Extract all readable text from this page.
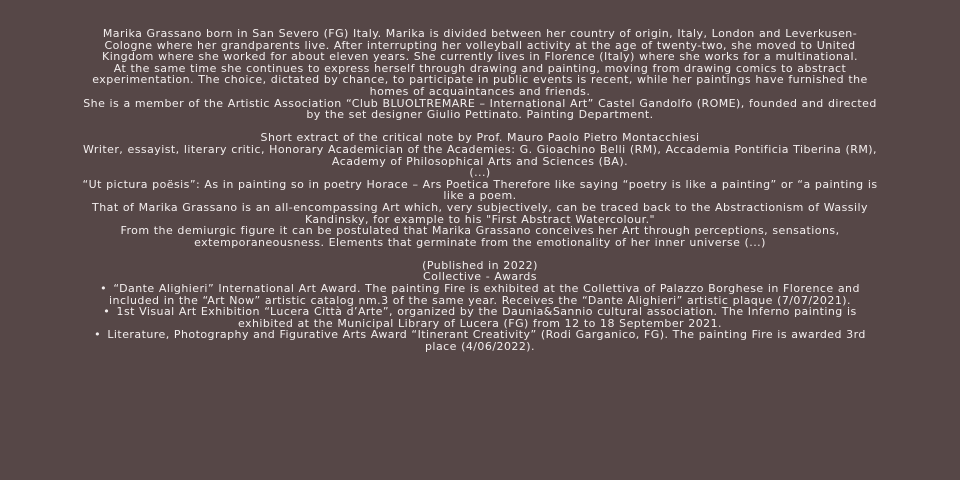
Marika Grassano born in San Severo (FG) Italy. Marika is divided between her country of origin, Italy, London and Leverkusen-Cologne where her grandparents live. After interrupting her volleyball activity at the age of twenty-two, she moved to United Kingdom where she worked for about eleven years. She currently lives in Florence (Italy) where she works for a multinational.

At the same time she continues to express herself through drawing and painting, moving from drawing comics to abstract experimentation. The choice, dictated by chance, to participate in public events is recent, while her paintings have furnished the homes of acquaintances and friends.

She is a member of the Artistic Association “Club BLUOLTREMARE – International Art” Castel Gandolfo (ROME), founded and directed by the set designer Giulio Pettinato. Painting Department.

Short extract of the critical note by Prof. Mauro Paolo Pietro Montacchiesi

Writer, essayist, literary critic, Honorary Academician of the Academies: G. Gioachino Belli (RM), Accademia Pontificia Tiberina (RM), Academy of Philosophical Arts and Sciences (BA).

(...)

“Ut pictura poësis”: As in painting so in poetry Horace – Ars Poetica Therefore like saying “poetry is like a painting” or “a painting is like a poem.

That of Marika Grassano is an all-encompassing Art which, very subjectively, can be traced back to the Abstractionism of Wassily Kandinsky, for example to his "First Abstract Watercolour."

From the demiurgic figure it can be postulated that Marika Grassano conceives her Art through perceptions, sensations, extemporaneousness. Elements that germinate from the emotionality of her inner universe (...)

(Published in 2022)

Collective - Awards

• “Dante Alighieri” International Art Award. The painting Fire is exhibited at the Collettiva of Palazzo Borghese in Florence and included in the “Art Now” artistic catalog nm.3 of the same year. Receives the “Dante Alighieri” artistic plaque (7/07/2021).

• 1st Visual Art Exhibition “Lucera Città d’Arte”, organized by the Daunia&Sannio cultural association. The Inferno painting is exhibited at the Municipal Library of Lucera (FG) from 12 to 18 September 2021.

• Literature, Photography and Figurative Arts Award “Itinerant Creativity” (Rodi Garganico, FG). The painting Fire is awarded 3rd place (4/06/2022).
